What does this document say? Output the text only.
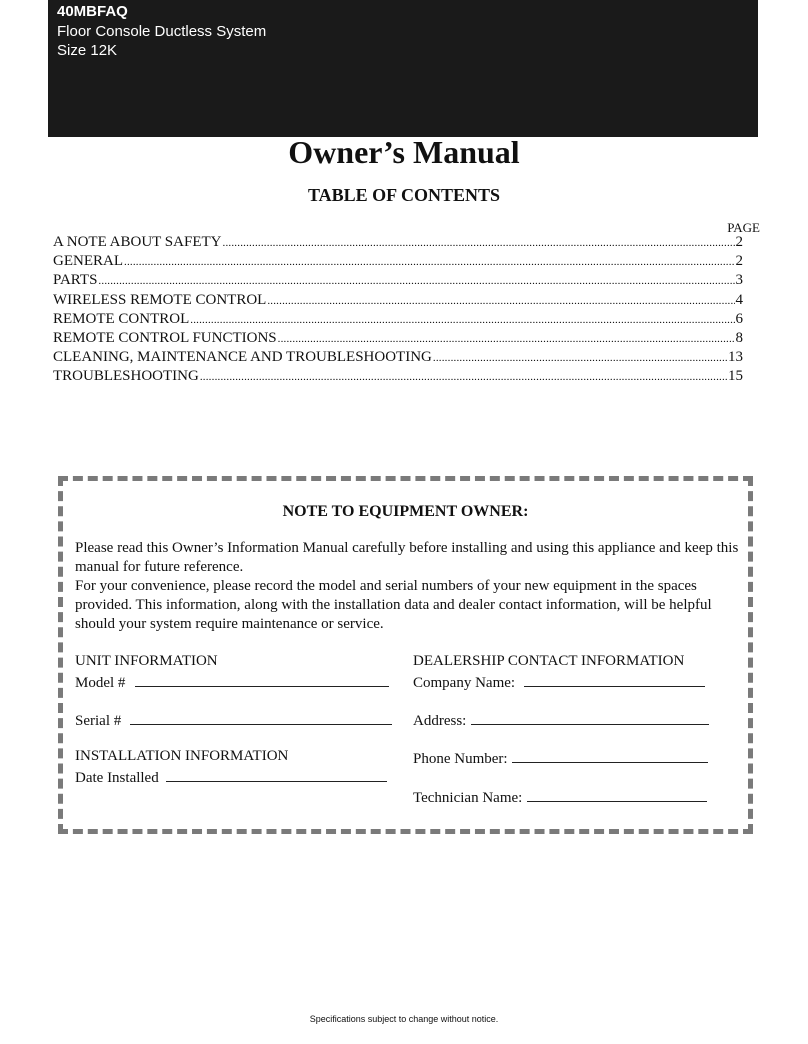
40MBFAQ
Floor Console Ductless System
Size 12K
Owner’s Manual
TABLE OF CONTENTS
PAGE
A NOTE ABOUT SAFETY .....	2
GENERAL .....	2
PARTS .....	3
WIRELESS REMOTE CONTROL .....	4
REMOTE CONTROL .....	6
REMOTE CONTROL FUNCTIONS .....	8
CLEANING, MAINTENANCE AND TROUBLESHOOTING .....	13
TROUBLESHOOTING .....	15
NOTE TO EQUIPMENT OWNER:

Please read this Owner’s Information Manual carefully before installing and using this appliance and keep this manual for future reference.

For your convenience, please record the model and serial numbers of your new equipment in the spaces provided. This information, along with the installation data and dealer contact information, will be helpful should your system require maintenance or service.

UNIT INFORMATION
Model #
Serial #
INSTALLATION INFORMATION
Date Installed
DEALERSHIP CONTACT INFORMATION
Company Name:
Address:
Phone Number:
Technician Name:
Specifications subject to change without notice.
